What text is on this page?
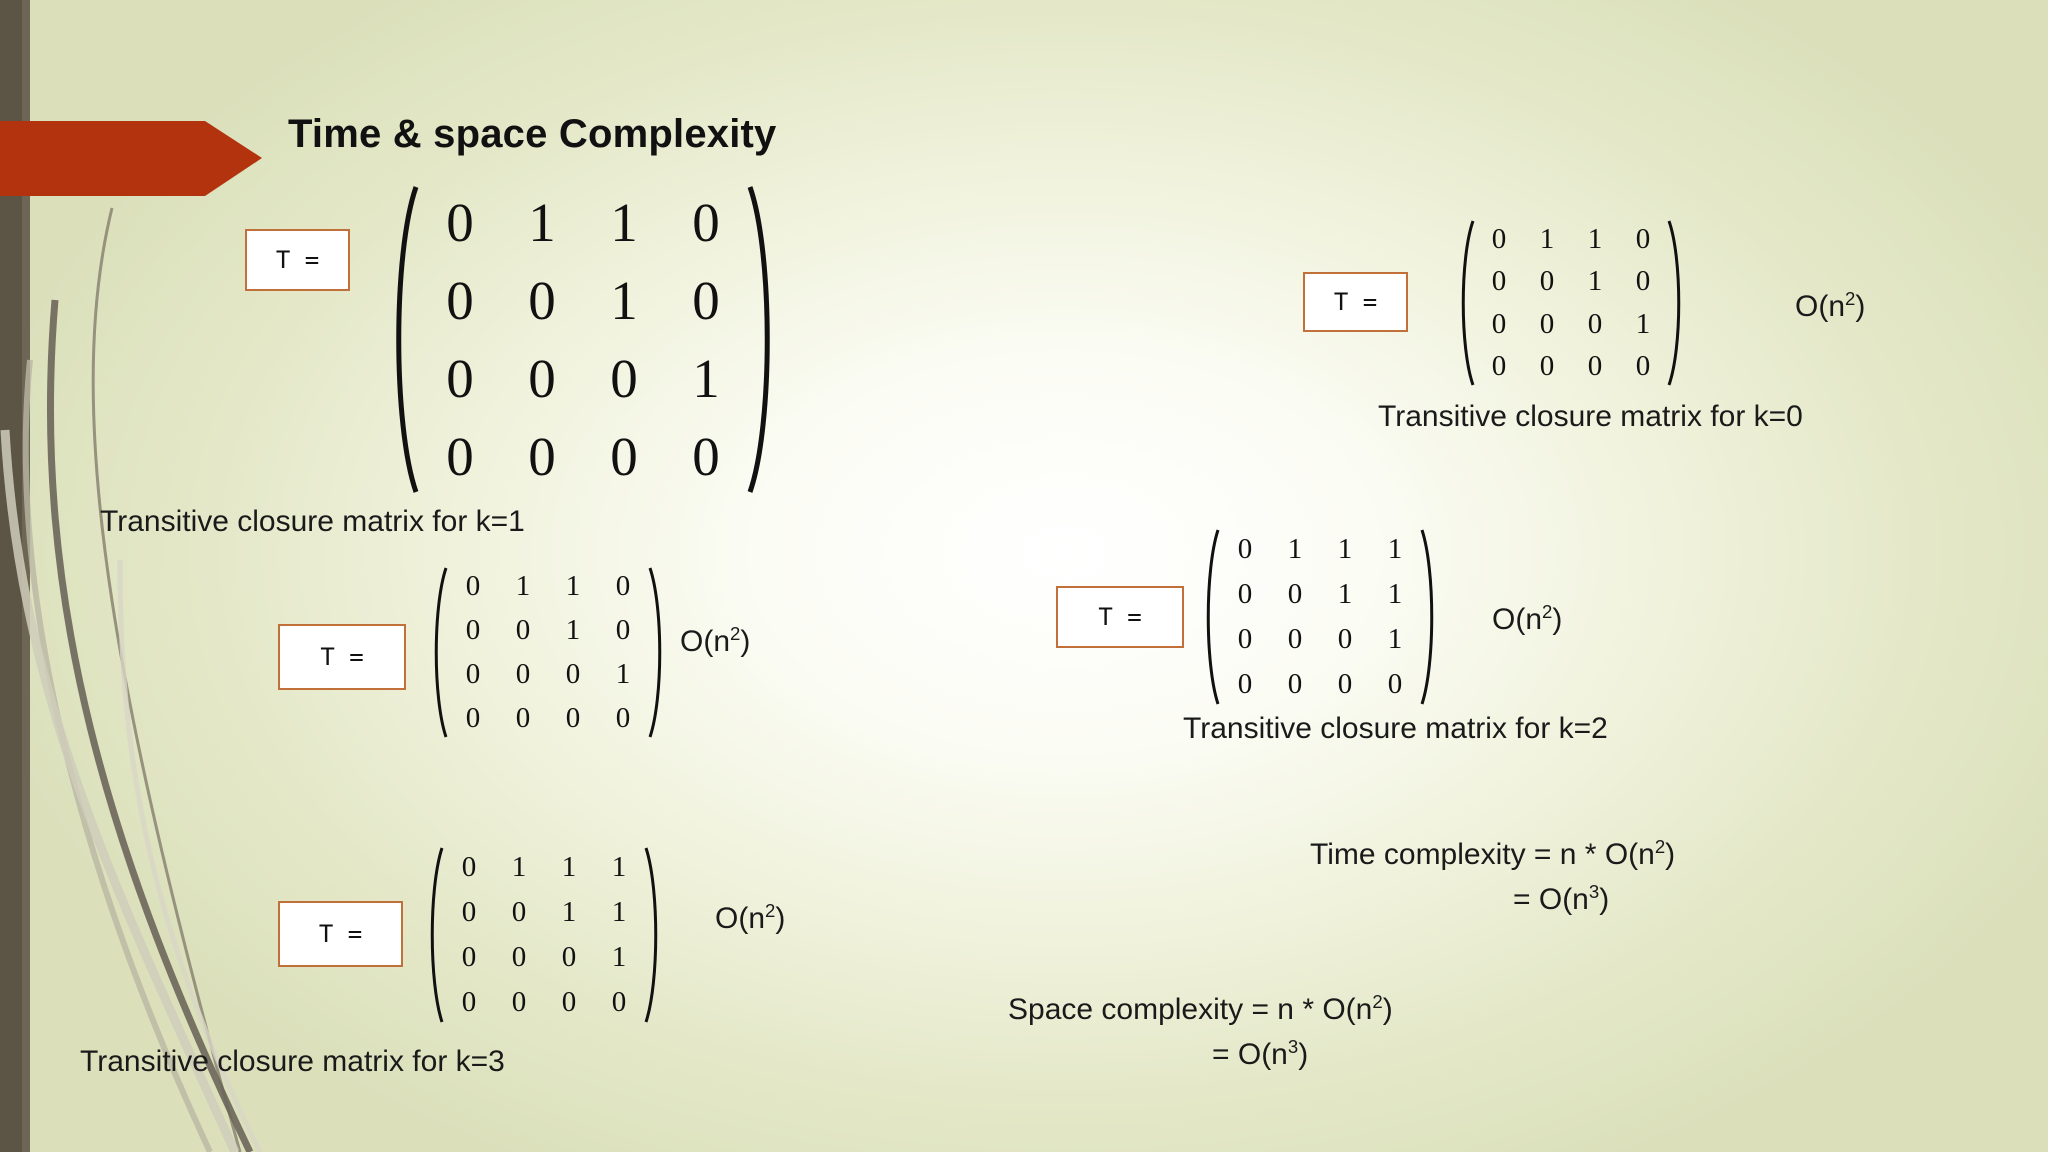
Time & space Complexity
T =
0 1 1 0
0 0 1 0
0 0 0 1
0 0 0 0
Transitive closure matrix for k=1
T =
0	1	1	0
0	0	1	0
0	0	0	1
0	0	0	0
$O(n^2)$
Transitive closure matrix for k=0
T =
0	1	1	0
0	0	1	0
0	0	0	1
0	0	0	0
$O(n^2)$
T =
0	1	1	1
0	0	1	1
0	0	0	1
0	0	0	0
$O(n^2)$
Transitive closure matrix for k=2
T =
0	1	1	1
0	0	1	1
0	0	0	1
0	0	0	0
$O(n^2)$
Transitive closure matrix for k=3
Time complexity = n * $O(n^2)$
= $O(n^3)$
Space complexity = n * $O(n^2)$
= $O(n^3)$
